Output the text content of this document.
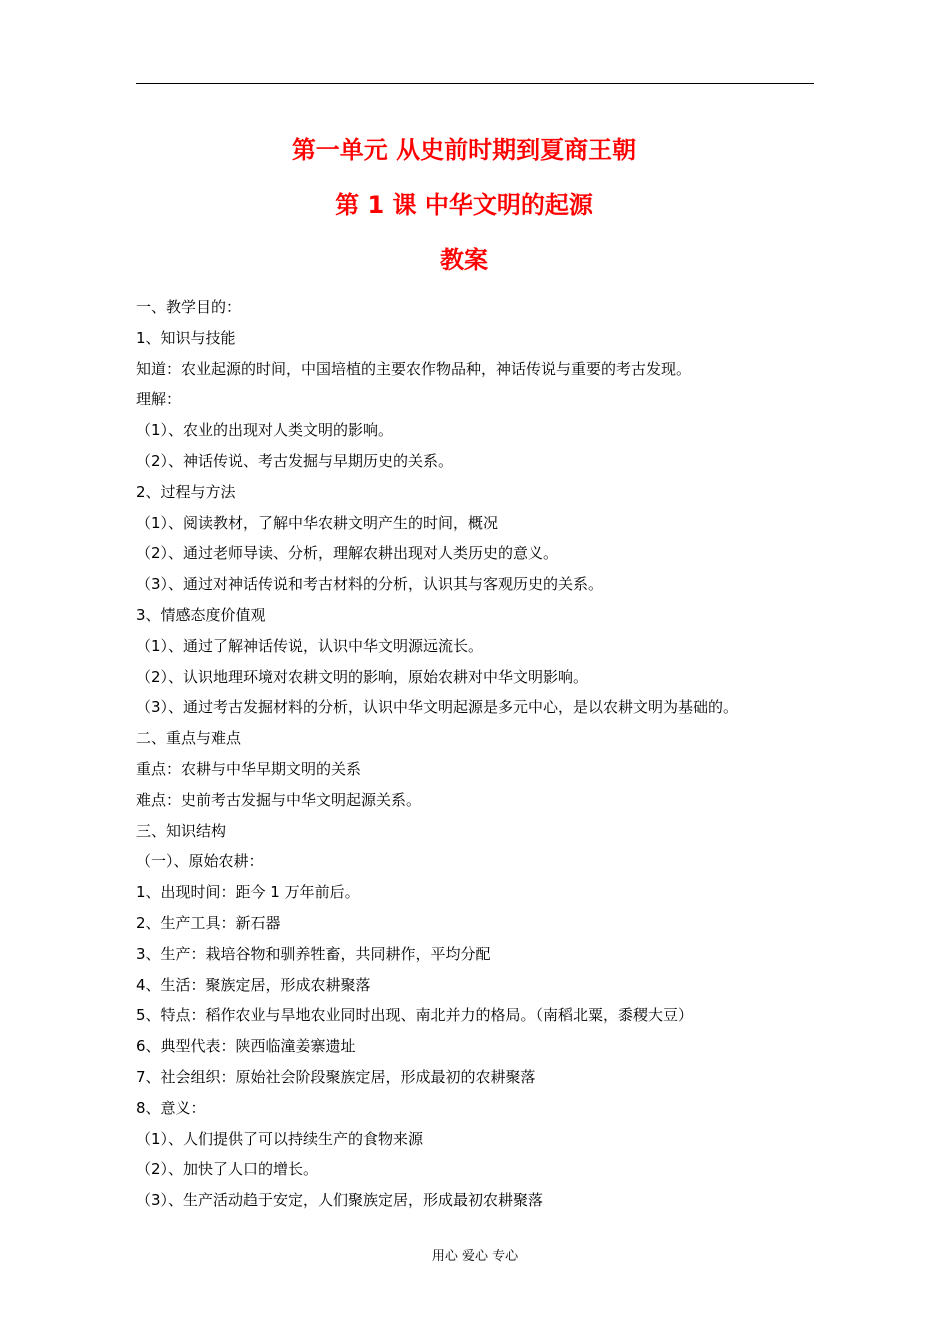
第一单元 从史前时期到夏商王朝
第 1 课 中华文明的起源
教案
一、教学目的：
1、知识与技能
知道：农业起源的时间，中国培植的主要农作物品种，神话传说与重要的考古发现。
理解：
（1）、农业的出现对人类文明的影响。
（2）、神话传说、考古发掘与早期历史的关系。
2、过程与方法
（1）、阅读教材，了解中华农耕文明产生的时间，概况
（2）、通过老师导读、分析，理解农耕出现对人类历史的意义。
（3）、通过对神话传说和考古材料的分析，认识其与客观历史的关系。
3、情感态度价值观
（1）、通过了解神话传说，认识中华文明源远流长。
（2）、认识地理环境对农耕文明的影响，原始农耕对中华文明影响。
（3）、通过考古发掘材料的分析，认识中华文明起源是多元中心，是以农耕文明为基础的。
二、重点与难点
重点：农耕与中华早期文明的关系
难点：史前考古发掘与中华文明起源关系。
三、知识结构
（一）、原始农耕：
1、出现时间：距今 1 万年前后。
2、生产工具：新石器
3、生产：栽培谷物和驯养牲畜，共同耕作，平均分配
4、生活：聚族定居，形成农耕聚落
5、特点：稻作农业与旱地农业同时出现、南北并力的格局。（南稻北粟，黍稷大豆）
6、典型代表：陕西临潼姜寨遗址
7、社会组织：原始社会阶段聚族定居，形成最初的农耕聚落
8、意义：
（1）、人们提供了可以持续生产的食物来源
（2）、加快了人口的增长。
（3）、生产活动趋于安定，人们聚族定居，形成最初农耕聚落
用心 爱心 专心
